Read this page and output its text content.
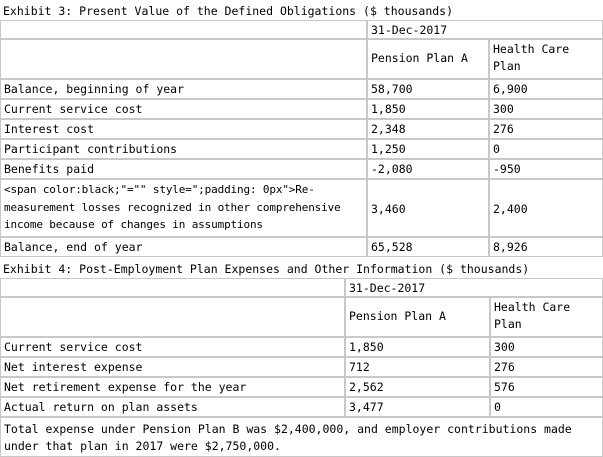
Exhibit 3: Present Value of the Defined Obligations ($ thousands)		
	31-Dec-2017	
	Pension Plan A	Health Care Plan
Balance, beginning of year	58,700	6,900
Current service cost	1,850	300
Interest cost	2,348	276
Participant contributions	1,250	0
Benefits paid	-2,080	-950
<span color:black;"="" style=";padding: 0px">Re-measurement losses recognized in other comprehensive income because of changes in assumptions	3,460	2,400
Balance, end of year	65,528	8,926
Exhibit 4: Post-Employment Plan Expenses and Other Information ($ thousands)		
	31-Dec-2017	
	Pension Plan A	Health Care Plan
Current service cost	1,850	300
Net interest expense	712	276
Net retirement expense for the year	2,562	576
Actual return on plan assets	3,477	0
Total expense under Pension Plan B was $2,400,000, and employer contributions made under that plan in 2017 were $2,750,000.
